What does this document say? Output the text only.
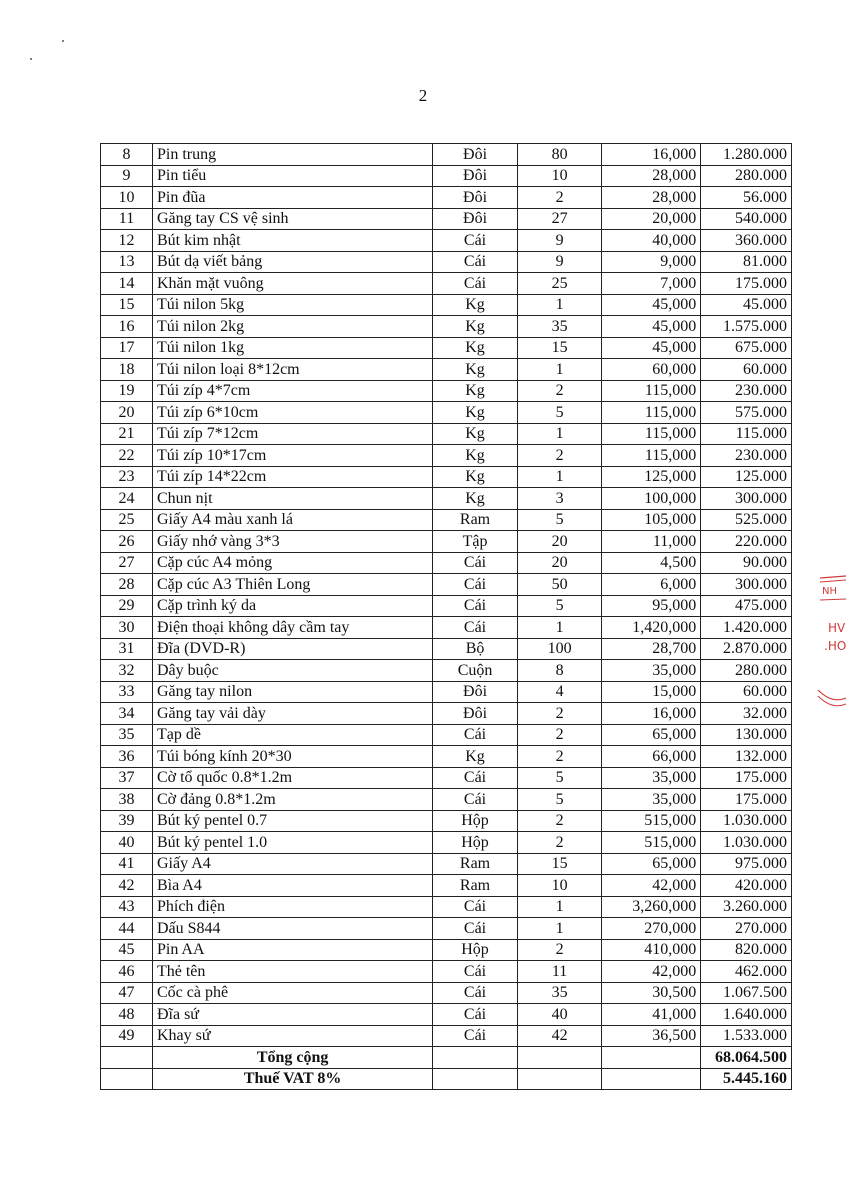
2
8	Pin trung	Đôi	80	16,000	1.280.000
9	Pin tiểu	Đôi	10	28,000	280.000
10	Pin đũa	Đôi	2	28,000	56.000
11	Găng tay CS vệ sinh	Đôi	27	20,000	540.000
12	Bút kim nhật	Cái	9	40,000	360.000
13	Bút dạ viết bảng	Cái	9	9,000	81.000
14	Khăn mặt vuông	Cái	25	7,000	175.000
15	Túi nilon 5kg	Kg	1	45,000	45.000
16	Túi nilon 2kg	Kg	35	45,000	1.575.000
17	Túi nilon 1kg	Kg	15	45,000	675.000
18	Túi nilon loại 8*12cm	Kg	1	60,000	60.000
19	Túi zíp 4*7cm	Kg	2	115,000	230.000
20	Túi zíp 6*10cm	Kg	5	115,000	575.000
21	Túi zíp 7*12cm	Kg	1	115,000	115.000
22	Túi zíp 10*17cm	Kg	2	115,000	230.000
23	Túi zíp 14*22cm	Kg	1	125,000	125.000
24	Chun nịt	Kg	3	100,000	300.000
25	Giấy A4 màu xanh lá	Ram	5	105,000	525.000
26	Giấy nhớ vàng 3*3	Tập	20	11,000	220.000
27	Cặp cúc A4 mỏng	Cái	20	4,500	90.000
28	Cặp cúc A3 Thiên Long	Cái	50	6,000	300.000
29	Cặp trình ký da	Cái	5	95,000	475.000
30	Điện thoại không dây cầm tay	Cái	1	1,420,000	1.420.000
31	Đĩa (DVD-R)	Bộ	100	28,700	2.870.000
32	Dây buộc	Cuộn	8	35,000	280.000
33	Găng tay nilon	Đôi	4	15,000	60.000
34	Găng tay vải dày	Đôi	2	16,000	32.000
35	Tạp dề	Cái	2	65,000	130.000
36	Túi bóng kính 20*30	Kg	2	66,000	132.000
37	Cờ tổ quốc 0.8*1.2m	Cái	5	35,000	175.000
38	Cờ đảng 0.8*1.2m	Cái	5	35,000	175.000
39	Bút ký pentel 0.7	Hộp	2	515,000	1.030.000
40	Bút ký pentel 1.0	Hộp	2	515,000	1.030.000
41	Giấy A4	Ram	15	65,000	975.000
42	Bìa A4	Ram	10	42,000	420.000
43	Phích điện	Cái	1	3,260,000	3.260.000
44	Dấu S844	Cái	1	270,000	270.000
45	Pin AA	Hộp	2	410,000	820.000
46	Thẻ tên	Cái	11	42,000	462.000
47	Cốc cà phê	Cái	35	30,500	1.067.500
48	Đĩa sứ	Cái	40	41,000	1.640.000
49	Khay sứ	Cái	42	36,500	1.533.000
	Tổng cộng				68.064.500
	Thuế VAT 8%				5.445.160
NH
HV
.HO
